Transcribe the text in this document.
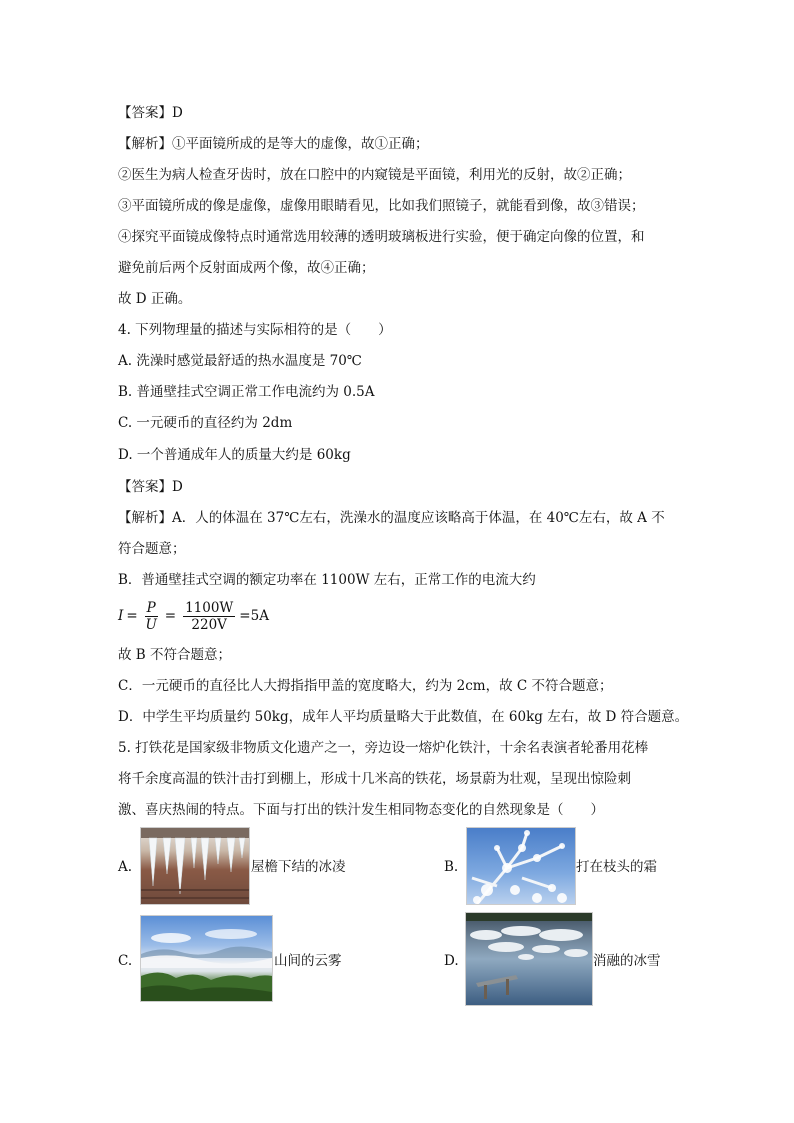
【答案】D
【解析】①平面镜所成的是等大的虚像，故①正确；
②医生为病人检查牙齿时，放在口腔中的内窥镜是平面镜，利用光的反射，故②正确；
③平面镜所成的像是虚像，虚像用眼睛看见，比如我们照镜子，就能看到像，故③错误；
④探究平面镜成像特点时通常选用较薄的透明玻璃板进行实验，便于确定向像的位置，和
避免前后两个反射面成两个像，故④正确；
故 D 正确。
4. 下列物理量的描述与实际相符的是（　　）
A. 洗澡时感觉最舒适的热水温度是 70℃
B. 普通壁挂式空调正常工作电流约为 0.5A
C. 一元硬币的直径约为 2dm
D. 一个普通成年人的质量大约是 60kg
【答案】D
【解析】A．人的体温在 37℃左右，洗澡水的温度应该略高于体温，在 40℃左右，故 A 不
符合题意；
B．普通壁挂式空调的额定功率在 1100W 左右，正常工作的电流大约
$I = \frac{P}{U} = \frac{1100W}{220V} =5A$
故 B 不符合题意；
C．一元硬币的直径比人大拇指指甲盖的宽度略大，约为 2cm，故 C 不符合题意；
D．中学生平均质量约 50kg，成年人平均质量略大于此数值，在 60kg 左右，故 D 符合题意。
5. 打铁花是国家级非物质文化遗产之一，旁边设一熔炉化铁汁，十余名表演者轮番用花棒
将千余度高温的铁汁击打到棚上，形成十几米高的铁花，场景蔚为壮观，呈现出惊险刺
激、喜庆热闹的特点。下面与打出的铁汁发生相同物态变化的自然现象是（　　）
A.	屋檐下结的冰凌	B.	打在枝头的霜
C.	山间的云雾	D.	消融的冰雪
